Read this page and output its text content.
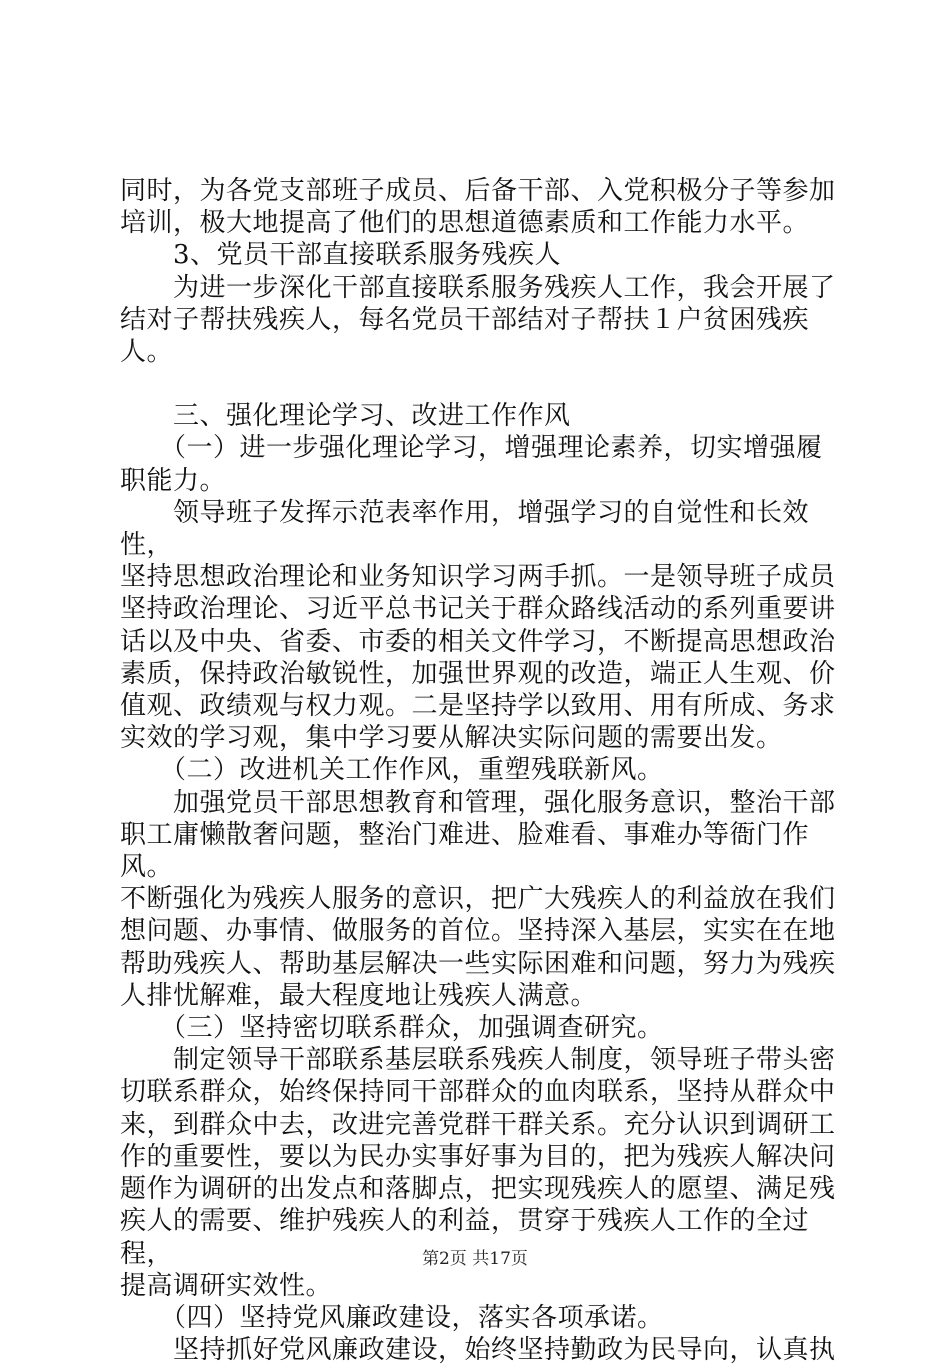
同时，为各党支部班子成员、后备干部、入党积极分子等参加

培训，极大地提高了他们的思想道德素质和工作能力水平。

　　3、党员干部直接联系服务残疾人

　　为进一步深化干部直接联系服务残疾人工作，我会开展了

结对子帮扶残疾人，每名党员干部结对子帮扶１户贫困残疾人。

　　三、强化理论学习、改进工作作风

　　（一）进一步强化理论学习，增强理论素养，切实增强履

职能力。

　　领导班子发挥示范表率作用，增强学习的自觉性和长效性，

坚持思想政治理论和业务知识学习两手抓。一是领导班子成员

坚持政治理论、习近平总书记关于群众路线活动的系列重要讲

话以及中央、省委、市委的相关文件学习，不断提高思想政治

素质，保持政治敏锐性，加强世界观的改造，端正人生观、价

值观、政绩观与权力观。二是坚持学以致用、用有所成、务求

实效的学习观，集中学习要从解决实际问题的需要出发。

　　（二）改进机关工作作风，重塑残联新风。

　　加强党员干部思想教育和管理，强化服务意识，整治干部

职工庸懒散奢问题，整治门难进、脸难看、事难办等衙门作风。

不断强化为残疾人服务的意识，把广大残疾人的利益放在我们

想问题、办事情、做服务的首位。坚持深入基层，实实在在地

帮助残疾人、帮助基层解决一些实际困难和问题，努力为残疾

人排忧解难，最大程度地让残疾人满意。

　　（三）坚持密切联系群众，加强调查研究。

　　制定领导干部联系基层联系残疾人制度，领导班子带头密

切联系群众，始终保持同干部群众的血肉联系，坚持从群众中

来，到群众中去，改进完善党群干群关系。充分认识到调研工

作的重要性，要以为民办实事好事为目的，把为残疾人解决问

题作为调研的出发点和落脚点，把实现残疾人的愿望、满足残

疾人的需要、维护残疾人的利益，贯穿于残疾人工作的全过程，

提高调研实效性。

　　（四）坚持党风廉政建设，落实各项承诺。

　　坚持抓好党风廉政建设，始终坚持勤政为民导向，认真执

第2页 共17页
